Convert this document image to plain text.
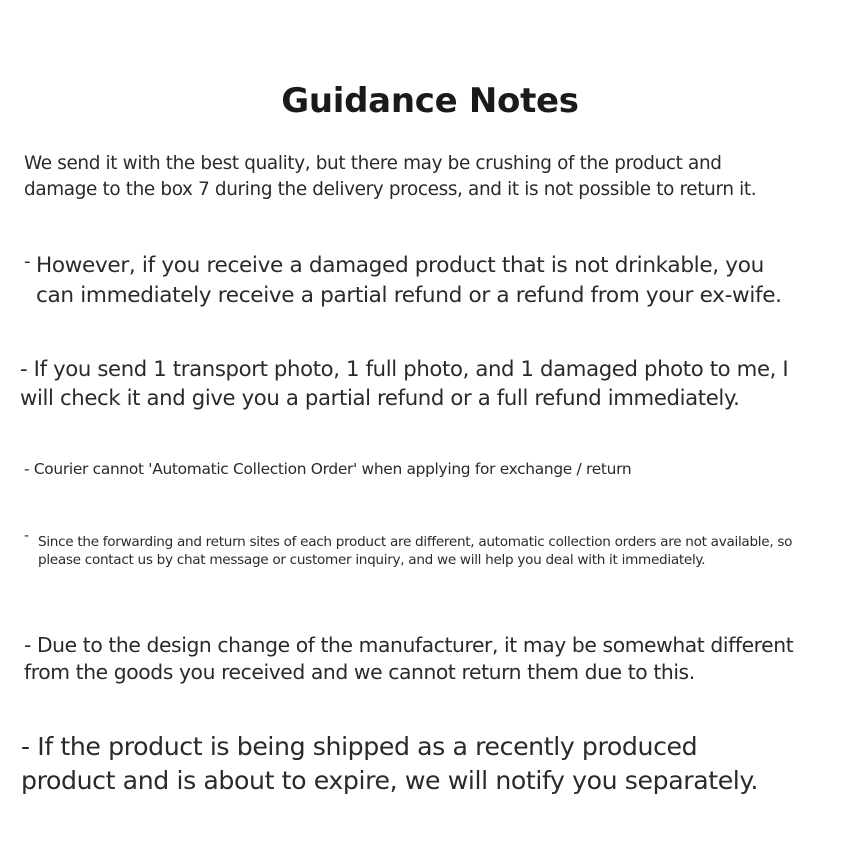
Guidance Notes
We send it with the best quality, but there may be crushing of the product and
damage to the box 7 during the delivery process, and it is not possible to return it.
- However, if you receive a damaged product that is not drinkable, you
can immediately receive a partial refund or a refund from your ex-wife.
- If you send 1 transport photo, 1 full photo, and 1 damaged photo to me, I
will check it and give you a partial refund or a full refund immediately.
- Courier cannot 'Automatic Collection Order' when applying for exchange / return
- Since the forwarding and return sites of each product are different, automatic collection orders are not available, so
please contact us by chat message or customer inquiry, and we will help you deal with it immediately.
- Due to the design change of the manufacturer, it may be somewhat different
from the goods you received and we cannot return them due to this.
- If the product is being shipped as a recently produced
product and is about to expire, we will notify you separately.
